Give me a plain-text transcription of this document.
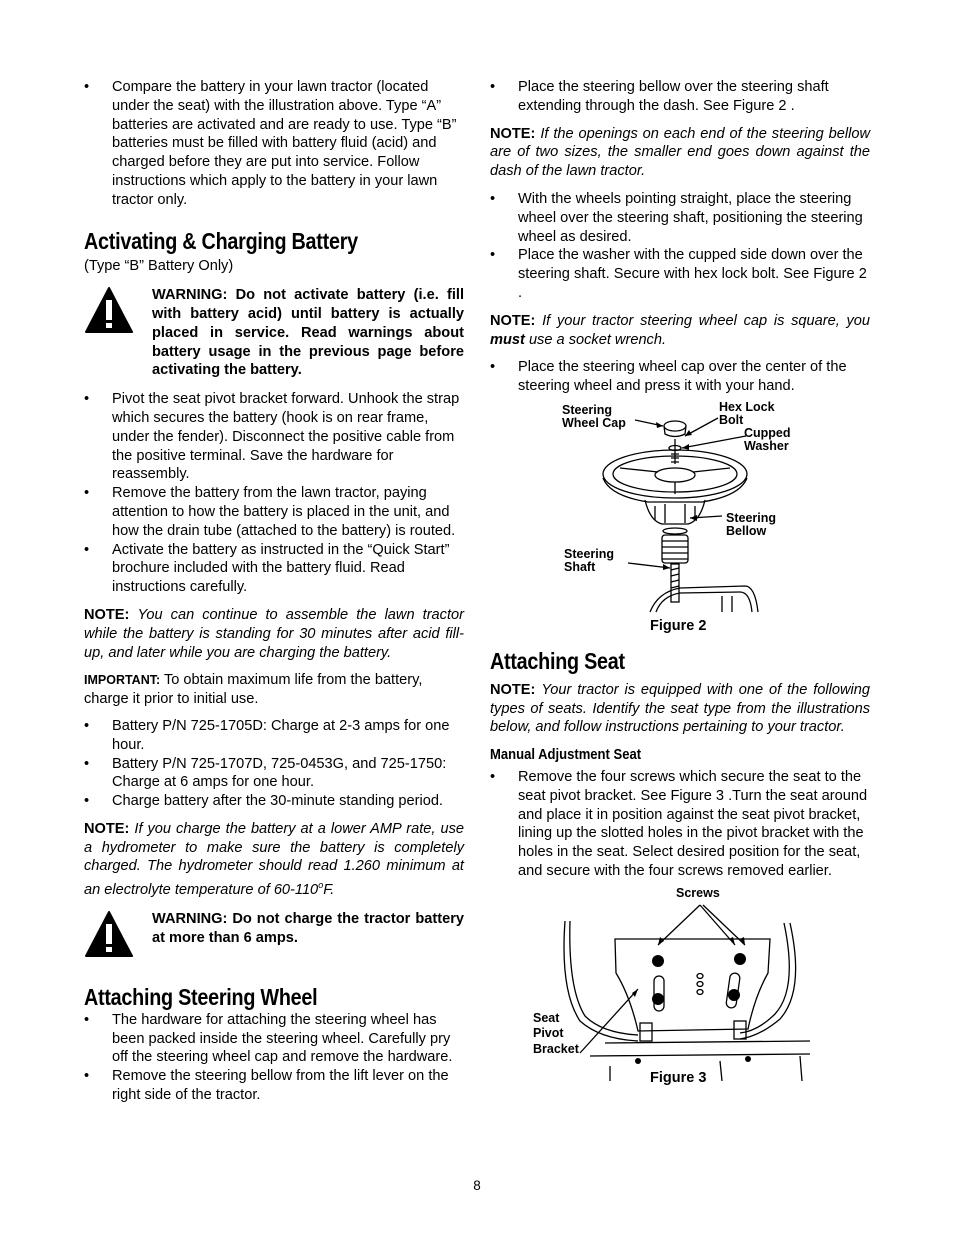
• Compare the battery in your lawn tractor (located under the seat) with the illustration above. Type “A” batteries are activated and are ready to use. Type “B” batteries must be filled with battery fluid (acid) and charged before they are put into service. Follow instructions which apply to the battery in your lawn tractor only.
Activating & Charging Battery

(Type “B” Battery Only)

WARNING: Do not activate battery (i.e. fill with battery acid) until battery is actually placed in service. Read warnings about battery usage in the previous page before activating the battery.
• Pivot the seat pivot bracket forward. Unhook the strap which secures the battery (hook is on rear frame, under the fender). Disconnect the positive cable from the positive terminal. Save the hardware for reassembly.
• Remove the battery from the lawn tractor, paying attention to how the battery is placed in the unit, and how the drain tube (attached to the battery) is routed.
• Activate the battery as instructed in the “Quick Start” brochure included with the battery fluid. Read instructions carefully.

NOTE: You can continue to assemble the lawn tractor while the battery is standing for 30 minutes after acid fill-up, and later while you are charging the battery.

IMPORTANT: To obtain maximum life from the battery, charge it prior to initial use.

• Battery P/N 725-1705D: Charge at 2-3 amps for one hour.
• Battery P/N 725-1707D, 725-0453G, and 725-1750: Charge at 6 amps for one hour.
• Charge battery after the 30-minute standing period.

NOTE: If you charge the battery at a lower AMP rate, use a hydrometer to make sure the battery is completely charged. The hydrometer should read 1.260 minimum at an electrolyte temperature of 60-110$^o$F.

WARNING: Do not charge the tractor battery at more than 6 amps.
Attaching Steering Wheel
• The hardware for attaching the steering wheel has been packed inside the steering wheel. Carefully pry off the steering wheel cap and remove the hardware.
• Remove the steering bellow from the lift lever on the right side of the tractor.
• Place the steering bellow over the steering shaft extending through the dash. See Figure 2 .

NOTE: If the openings on each end of the steering bellow are of two sizes, the smaller end goes down against the dash of the lawn tractor.

• With the wheels pointing straight, place the steering wheel over the steering shaft, positioning the steering wheel as desired.
• Place the washer with the cupped side down over the steering shaft. Secure with hex lock bolt. See Figure 2 .

NOTE: If your tractor steering wheel cap is square, you must use a socket wrench.

• Place the steering wheel cap over the center of the steering wheel and press it with your hand.
Steering
Wheel Cap
Hex Lock
Bolt
Cupped
Washer
Steering
Bellow
Steering
Shaft
Figure 2
Attaching Seat

NOTE: Your tractor is equipped with one of the following types of seats. Identify the seat type from the illustrations below, and follow instructions pertaining to your tractor.

Manual Adjustment Seat
• Remove the four screws which secure the seat to the seat pivot bracket. See Figure 3 .Turn the seat around and place it in position against the seat pivot bracket, lining up the slotted holes in the pivot bracket with the holes in the seat. Select desired position for the seat, and secure with the four screws removed earlier.
Screws
Seat
Pivot
Bracket
Figure 3
8
